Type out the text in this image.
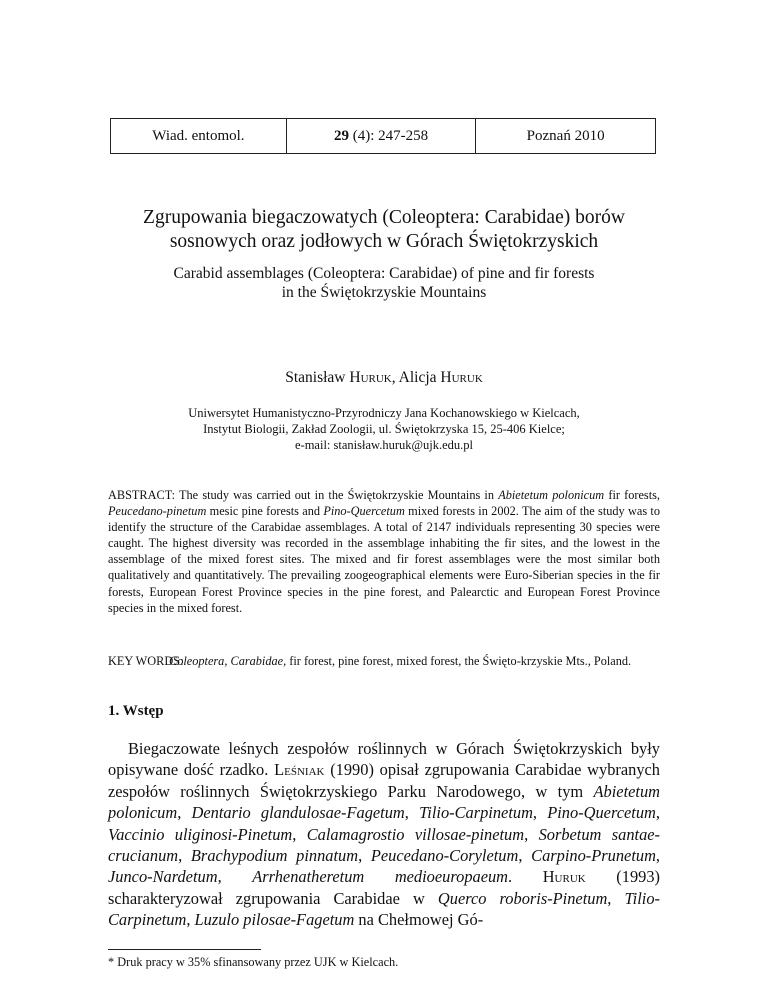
Wiad. entomol.	29 (4): 247-258	Poznań 2010
Zgrupowania biegaczowatych (Coleoptera: Carabidae) borów
sosnowych oraz jodłowych w Górach Świętokrzyskich
Carabid assemblages (Coleoptera: Carabidae) of pine and fir forests
in the Świętokrzyskie Mountains
Stanisław Huruk, Alicja Huruk
Uniwersytet Humanistyczno-Przyrodniczy Jana Kochanowskiego w Kielcach,
Instytut Biologii, Zakład Zoologii, ul. Świętokrzyska 15, 25-406 Kielce;
e-mail: stanisław.huruk@ujk.edu.pl

ABSTRACT: The study was carried out in the Świętokrzyskie Mountains in Abietetum polonicum fir forests, Peucedano-pinetum mesic pine forests and Pino-Quercetum mixed forests in 2002. The aim of the study was to identify the structure of the Carabidae assemblages. A total of 2147 individuals representing 30 species were caught. The highest diversity was recorded in the assemblage inhabiting the fir sites, and the lowest in the assemblage of the mixed forest sites. The mixed and fir forest assemblages were the most similar both qualitatively and quantitatively. The prevailing zoogeographical elements were Euro-Siberian species in the fir forests, European Forest Province species in the pine forest, and Palearctic and European Forest Province species in the mixed forest.

KEY WORDS:
Coleoptera, Carabidae, fir forest, pine forest, mixed forest, the Święto-krzyskie Mts., Poland.

1. Wstęp

Biegaczowate leśnych zespołów roślinnych w Górach Świętokrzyskich były opisywane dość rzadko. Leśniak (1990) opisał zgrupowania Carabidae wybranych zespołów roślinnych Świętokrzyskiego Parku Narodowego, w tym Abietetum polonicum, Dentario glandulosae-Fagetum, Tilio-Carpinetum, Pino-Quercetum, Vaccinio uliginosi-Pinetum, Calamagrostio villosae-pinetum, Sorbetum santae-crucianum, Brachypodium pinnatum, Peucedano-Coryletum, Carpino-Prunetum, Junco-Nardetum, Arrhenatheretum medioeuropaeum. Huruk (1993) scharakteryzował zgrupowania Carabidae w Querco roboris-Pinetum, Tilio-Carpinetum, Luzulo pilosae-Fagetum na Chełmowej Gó-

* Druk pracy w 35% sfinansowany przez UJK w Kielcach.
